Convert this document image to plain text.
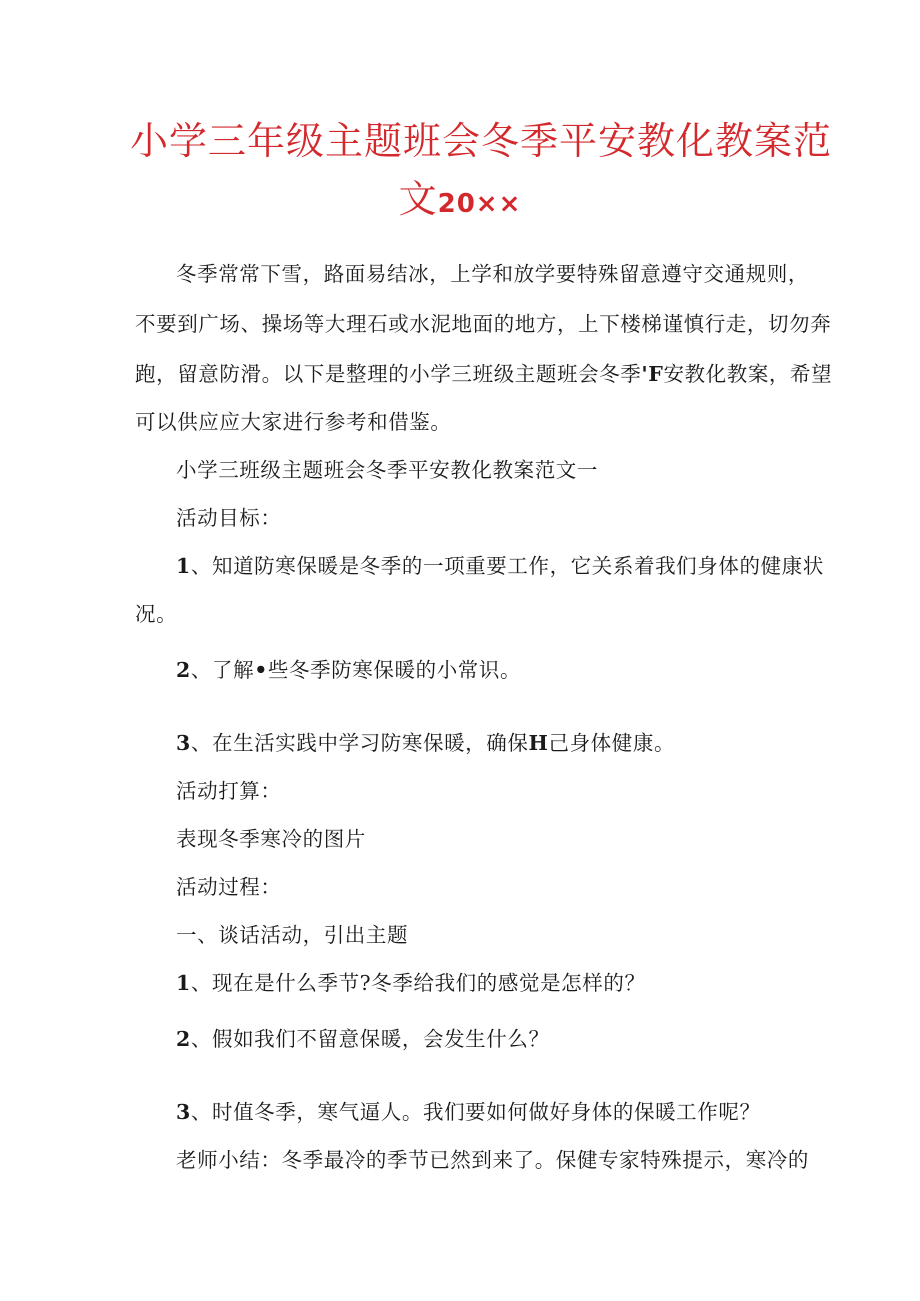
小学三年级主题班会冬季平安教化教案范
文20××
冬季常常下雪，路面易结冰，上学和放学要特殊留意遵守交通规则，
不要到广场、操场等大理石或水泥地面的地方，上下楼梯谨慎行走，切勿奔
跑，留意防滑。以下是整理的小学三班级主题班会冬季'F安教化教案，希望
可以供应应大家进行参考和借鉴。
小学三班级主题班会冬季平安教化教案范文一
活动目标：
1、知道防寒保暖是冬季的一项重要工作，它关系着我们身体的健康状
况。
2、了解•些冬季防寒保暖的小常识。
3、在生活实践中学习防寒保暖，确保H己身体健康。
活动打算：
表现冬季寒冷的图片
活动过程：
一、谈话活动，引出主题
1、现在是什么季节?冬季给我们的感觉是怎样的？
2、假如我们不留意保暖，会发生什么？
3、时值冬季，寒气逼人。我们要如何做好身体的保暖工作呢？
老师小结：冬季最冷的季节已然到来了。保健专家特殊提示，寒冷的
